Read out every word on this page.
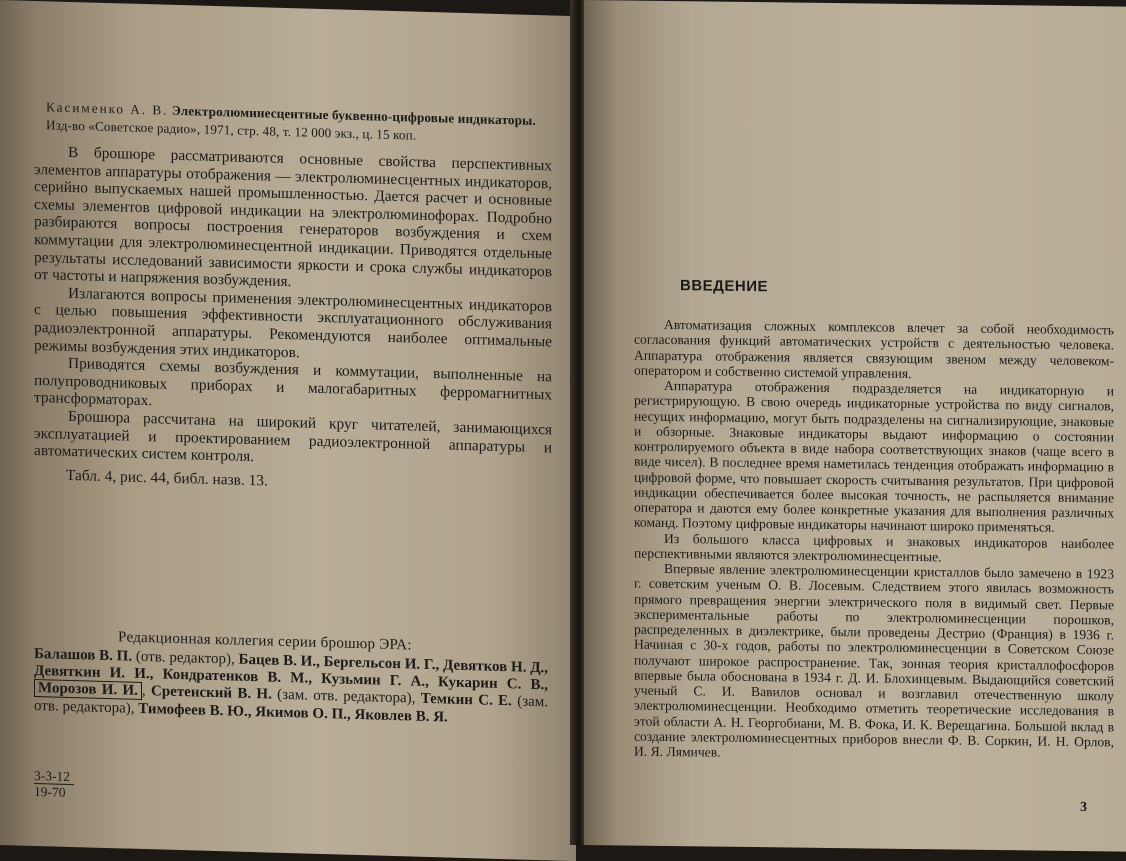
Касименко А. В. Электролюминесцентные буквенно-цифровые индикаторы. Изд-во «Советское радио», 1971, стр. 48, т. 12 000 экз., ц. 15 коп.

В брошюре рассматриваются основные свойства перспективных элементов аппаратуры отображения — электролюминесцентных индикаторов, серийно выпускаемых нашей промышленностью. Дается расчет и основные схемы элементов цифровой индикации на электролюминофорах. Подробно разбираются вопросы построения генераторов возбуждения и схем коммутации для электролюминесцентной индикации. Приводятся отдельные результаты исследований зависимости яркости и срока службы индикаторов от частоты и напряжения возбуждения.

Излагаются вопросы применения электролюминесцентных индикаторов с целью повышения эффективности эксплуатационного обслуживания радиоэлектронной аппаратуры. Рекомендуются наиболее оптимальные режимы возбуждения этих индикаторов.

Приводятся схемы возбуждения и коммутации, выполненные на полупроводниковых приборах и малогабаритных ферромагнитных трансформаторах.

Брошюра рассчитана на широкий круг читателей, занимающихся эксплуатацией и проектированием радиоэлектронной аппаратуры и автоматических систем контроля.

Табл. 4, рис. 44, библ. назв. 13.

Редакционная коллегия серии брошюр ЭРА:
Балашов В. П. (отв. редактор), Бацев В. И., Бергельсон И. Г., Девятков Н. Д., Девяткин И. И., Кондратенков В. М., Кузьмин Г. А., Кукарин С. В., Морозов И. И. , Сретенский В. Н. (зам. отв. редактора), Темкин С. Е. (зам. отв. редактора), Тимофеев В. Ю., Якимов О. П., Яковлев В. Я.
3-3-12
19-70
ВВЕДЕНИЕ

Автоматизация сложных комплексов влечет за собой необходимость согласования функций автоматических устройств с деятельностью человека. Аппаратура отображения является связующим звеном между человеком-оператором и собственно системой управления.

Аппаратура отображения подразделяется на индикаторную и регистрирующую. В свою очередь индикаторные устройства по виду сигналов, несущих информацию, могут быть подразделены на сигнализирующие, знаковые и обзорные. Знаковые индикаторы выдают информацию о состоянии контролируемого объекта в виде набора соответствующих знаков (чаще всего в виде чисел). В последнее время наметилась тенденция отображать информацию в цифровой форме, что повышает скорость считывания результатов. При цифровой индикации обеспечивается более высокая точность, не распыляется внимание оператора и даются ему более конкретные указания для выполнения различных команд. Поэтому цифровые индикаторы начинают широко применяться.

Из большого класса цифровых и знаковых индикаторов наиболее перспективными являются электролюминесцентные.

Впервые явление электролюминесценции кристаллов было замечено в 1923 г. советским ученым О. В. Лосевым. Следствием этого явилась возможность прямого превращения энергии электрического поля в видимый свет. Первые экспериментальные работы по электролюминесценции порошков, распределенных в диэлектрике, были проведены Дестрио (Франция) в 1936 г. Начиная с 30-х годов, работы по электролюминесценции в Советском Союзе получают широкое распространение. Так, зонная теория кристаллофосфоров впервые была обоснована в 1934 г. Д. И. Блохинцевым. Выдающийся советский ученый С. И. Вавилов основал и возглавил отечественную школу электролюминесценции. Необходимо отметить теоретические исследования в этой области А. Н. Георгобиани, М. В. Фока, И. К. Верещагина. Большой вклад в создание электролюминесцентных приборов внесли Ф. В. Соркин, И. Н. Орлов, И. Я. Лямичев.

3
